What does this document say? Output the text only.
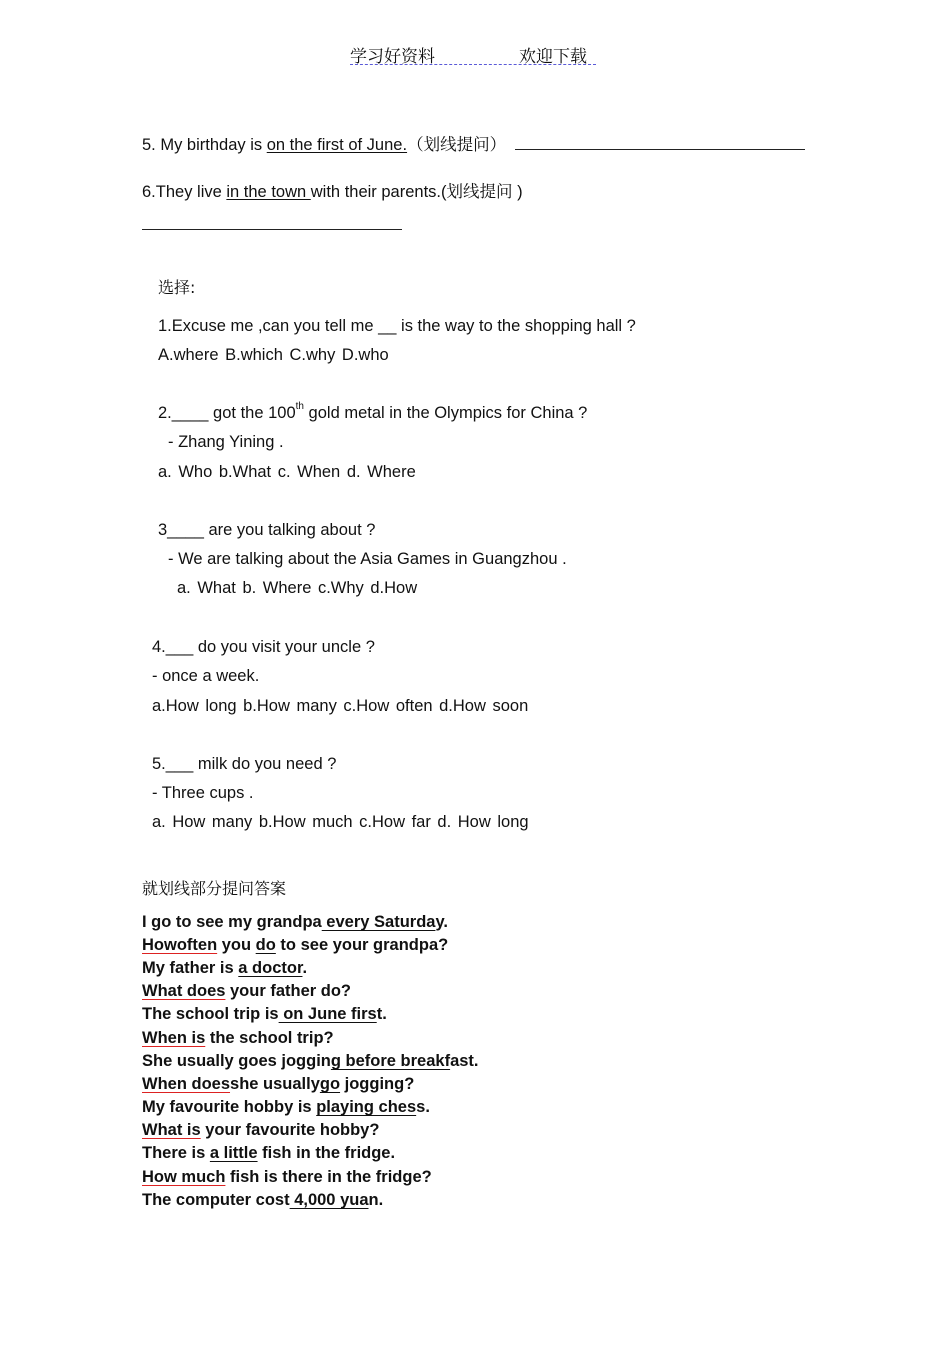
学习好资料	欢迎下载
5. My birthday is on the first of June.（划线提问）
6.They live in the town with their parents.(划线提问 )
选择:
1.Excuse me ,can you tell me __ is the way to the shopping hall ?
A.where B.which C.why D.who
2.____ got the 100th gold metal in the Olympics for China ?
- Zhang Yining .
a. Who b.What c. When d. Where
3____ are you talking about ?
- We are talking about the Asia Games in Guangzhou .
a. What b. Where c.Why d.How
4.___ do you visit your uncle ?
- once a week.
a.How long b.How many c.How often d.How soon
5.___ milk do you need ?
- Three cups .
a. How many b.How much c.How far d. How long
就划线部分提问答案
I go to see my grandpa every Saturday.
Howoften you do to see your grandpa?
My father is a doctor.
What does your father do?
The school trip is on June first.
When is the school trip?
She usually goes jogging before breakfast.
When doesshe usuallygo jogging?
My favourite hobby is playing chess.
What is your favourite hobby?
There is a little fish in the fridge.
How much fish is there in the fridge?
The computer cost 4,000 yuan.
